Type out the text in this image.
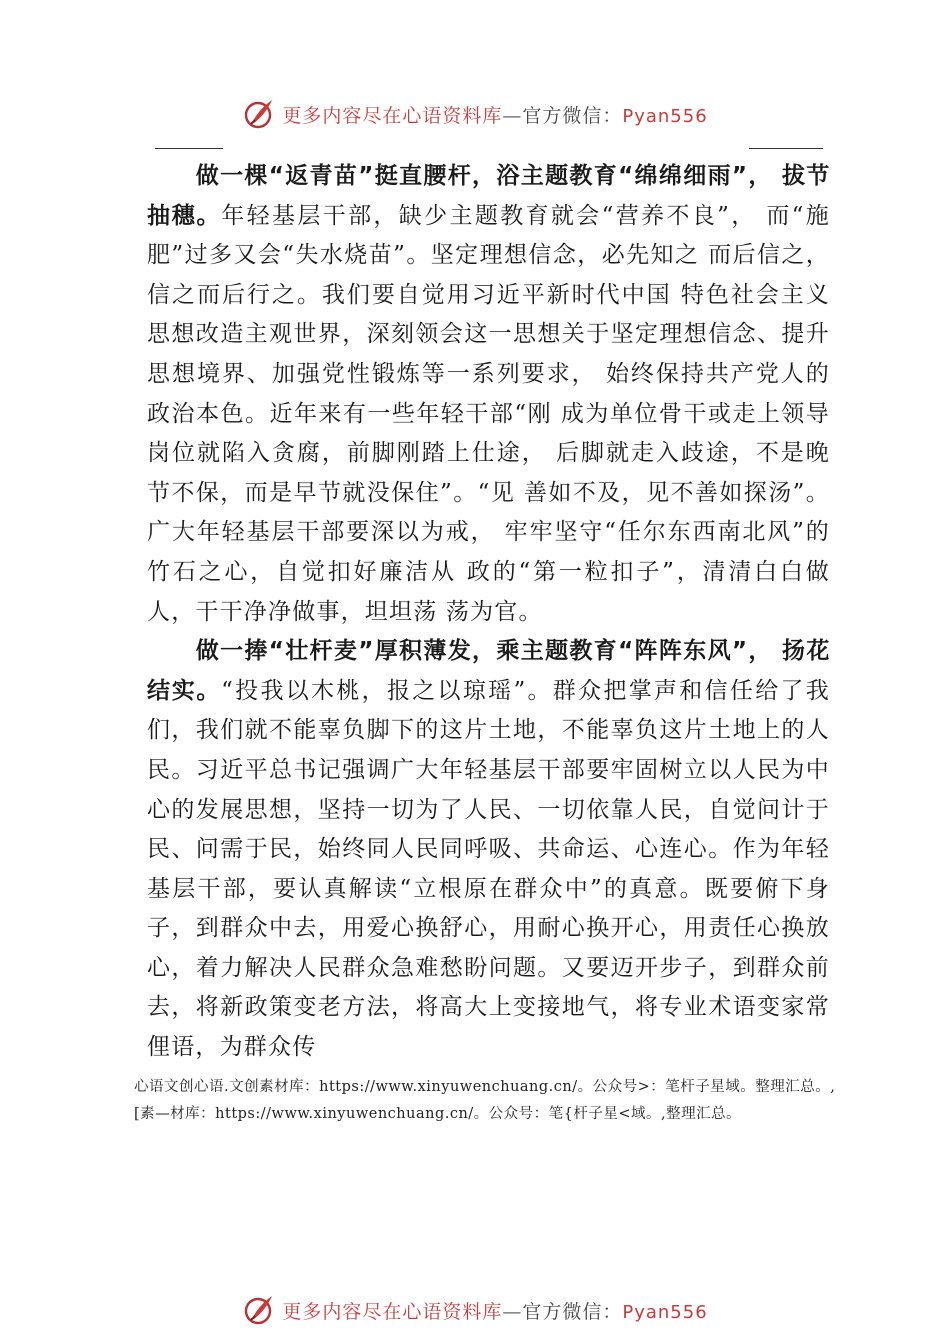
更多内容尽在心语资料库—官方微信：Pyan556

做一棵“返青苗”挺直腰杆，浴主题教育“绵绵细雨”， 拔节抽穗。年轻基层干部，缺少主题教育就会“营养不良”， 而“施肥”过多又会“失水烧苗”。坚定理想信念，必先知之 而后信之，信之而后行之。我们要自觉用习近平新时代中国 特色社会主义思想改造主观世界，深刻领会这一思想关于坚定理想信念、提升思想境界、加强党性锻炼等一系列要求， 始终保持共产党人的政治本色。近年来有一些年轻干部“刚 成为单位骨干或走上领导岗位就陷入贪腐，前脚刚踏上仕途， 后脚就走入歧途，不是晚节不保，而是早节就没保住”。“见 善如不及，见不善如探汤”。广大年轻基层干部要深以为戒， 牢牢坚守“任尔东西南北风”的竹石之心，自觉扣好廉洁从 政的“第一粒扣子”，清清白白做人，干干净净做事，坦坦荡 荡为官。

做一捧“壮杆麦”厚积薄发，乘主题教育“阵阵东风”， 扬花结实。“投我以木桃，报之以琼瑶”。群众把掌声和信任给了我们，我们就不能辜负脚下的这片土地，不能辜负这片土地上的人民。习近平总书记强调广大年轻基层干部要牢固树立以人民为中心的发展思想，坚持一切为了人民、一切依靠人民，自觉问计于民、问需于民，始终同人民同呼吸、共命运、心连心。作为年轻基层干部，要认真解读“立根原在群众中”的真意。既要俯下身子，到群众中去，用爱心换舒心，用耐心换开心，用责任心换放心，着力解决人民群众急难愁盼问题。又要迈开步子，到群众前去，将新政策变老方法，将高大上变接地气，将专业术语变家常俚语，为群众传

心语文创心语.文创素材库：https://www.xinyuwenchuang.cn/。公众号>：笔杆子星域。整理汇总。,[素—材库：https://www.xinyuwenchuang.cn/。公众号：笔{杆子星<域。,整理汇总。
更多内容尽在心语资料库—官方微信：Pyan556
